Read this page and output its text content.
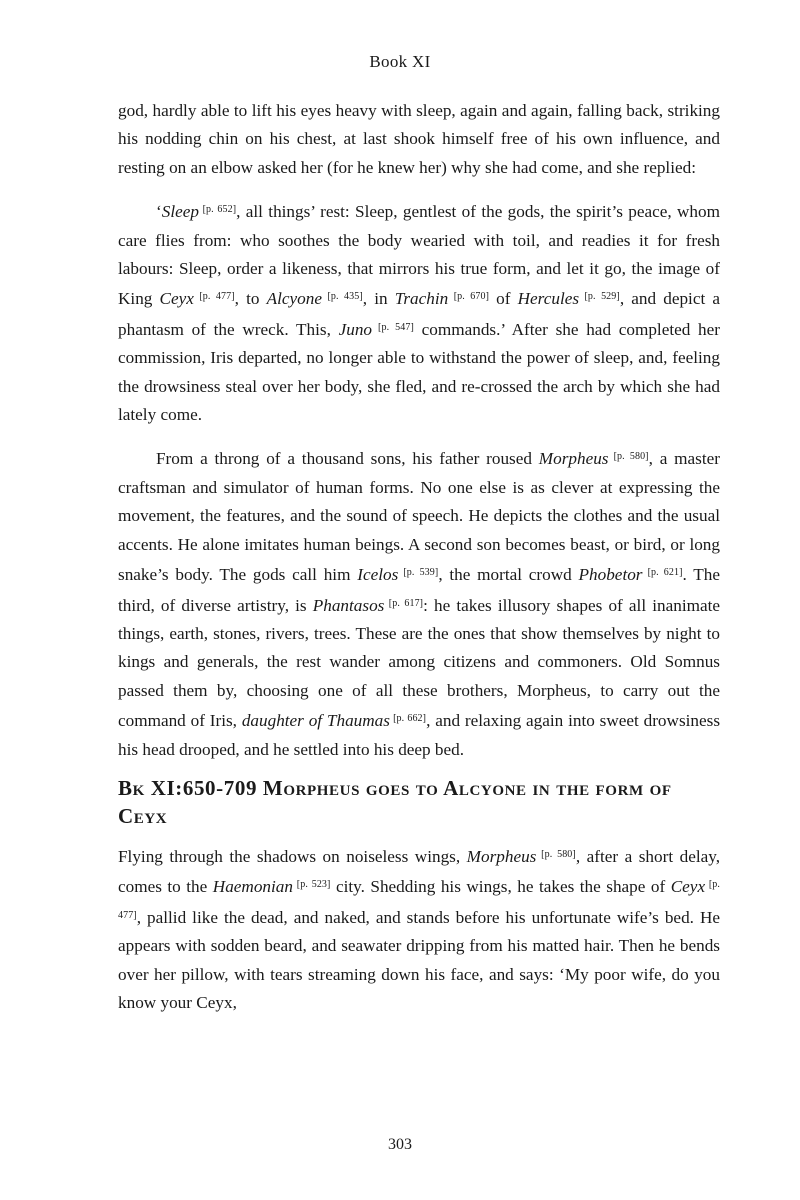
Book XI

god, hardly able to lift his eyes heavy with sleep, again and again, falling back, striking his nodding chin on his chest, at last shook himself free of his own influence, and resting on an elbow asked her (for he knew her) why she had come, and she replied:

‘Sleep [p. 652], all things’ rest: Sleep, gentlest of the gods, the spirit’s peace, whom care flies from: who soothes the body wearied with toil, and readies it for fresh labours: Sleep, order a likeness, that mirrors his true form, and let it go, the image of King Ceyx [p. 477], to Alcyone [p. 435], in Trachin [p. 670] of Hercules [p. 529], and depict a phantasm of the wreck. This, Juno [p. 547] commands.’ After she had completed her commission, Iris departed, no longer able to withstand the power of sleep, and, feeling the drowsiness steal over her body, she fled, and re-crossed the arch by which she had lately come.

From a throng of a thousand sons, his father roused Morpheus [p. 580], a master craftsman and simulator of human forms. No one else is as clever at expressing the movement, the features, and the sound of speech. He depicts the clothes and the usual accents. He alone imitates human beings. A second son becomes beast, or bird, or long snake’s body. The gods call him Icelos [p. 539], the mortal crowd Phobetor [p. 621]. The third, of diverse artistry, is Phantasos [p. 617]: he takes illusory shapes of all inanimate things, earth, stones, rivers, trees. These are the ones that show themselves by night to kings and generals, the rest wander among citizens and commoners. Old Somnus passed them by, choosing one of all these brothers, Morpheus, to carry out the command of Iris, daughter of Thaumas [p. 662], and relaxing again into sweet drowsiness his head drooped, and he settled into his deep bed.

Bk XI:650-709 Morpheus goes to Alcyone in the form of Ceyx

Flying through the shadows on noiseless wings, Morpheus [p. 580], after a short delay, comes to the Haemonian [p. 523] city. Shedding his wings, he takes the shape of Ceyx [p. 477], pallid like the dead, and naked, and stands before his unfortunate wife’s bed. He appears with sodden beard, and seawater dripping from his matted hair. Then he bends over her pillow, with tears streaming down his face, and says: ‘My poor wife, do you know your Ceyx,

303
